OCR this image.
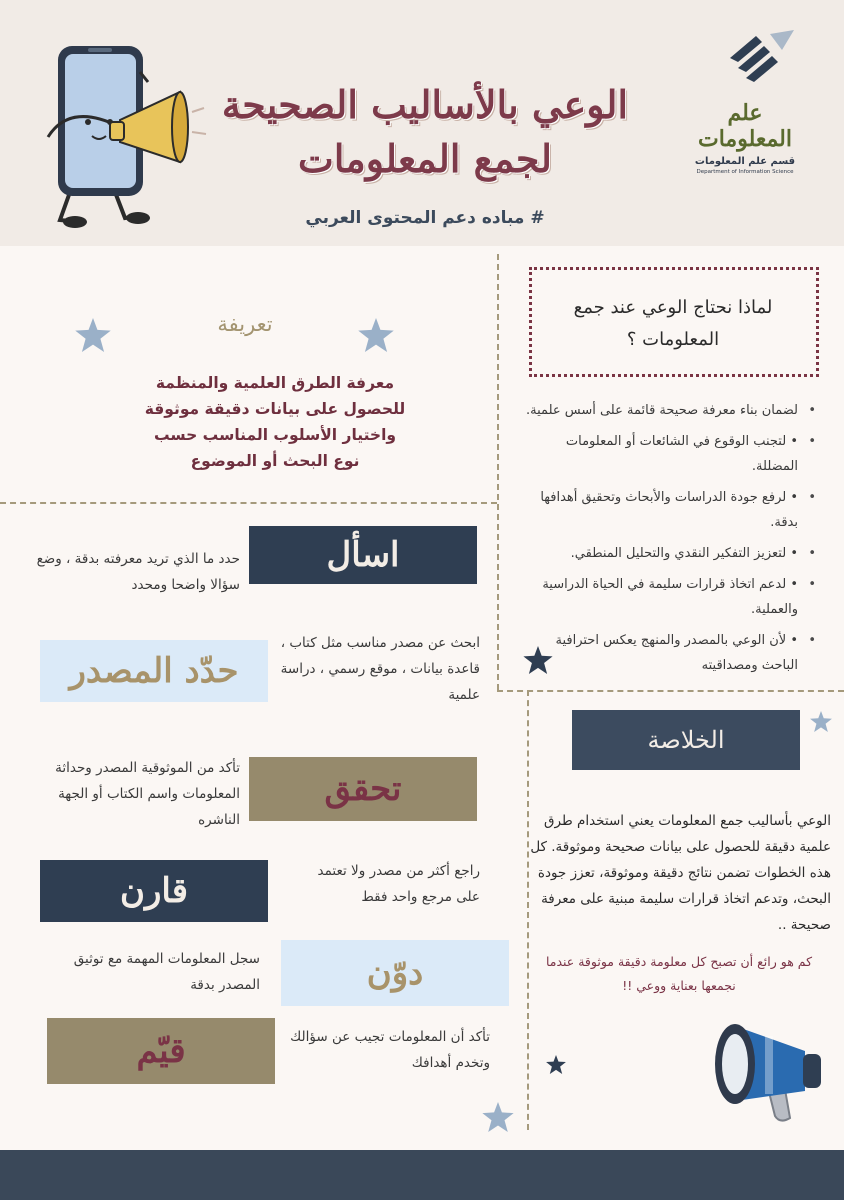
الوعي بالأساليب الصحيحة
لجمع المعلومات
# مباده دعم المحتوى العربي
علم المعلومات
قسم علم المعلومات
Department of Information Science
تعريفة
معرفة الطرق العلمية والمنظمة للحصول على بيانات دقيقة موثوقة واختيار الأسلوب المناسب حسب نوع البحث أو الموضوع
لماذا نحتاج الوعي عند جمع المعلومات ؟
• لضمان بناء معرفة صحيحة قائمة على أسس علمية.
• • لتجنب الوقوع في الشائعات أو المعلومات المضللة.
• • لرفع جودة الدراسات والأبحاث وتحقيق أهدافها بدقة.
• • لتعزيز التفكير النقدي والتحليل المنطقي.
• • لدعم اتخاذ قرارات سليمة في الحياة الدراسية والعملية.
• • لأن الوعي بالمصدر والمنهج يعكس احترافية الباحث ومصداقيته
اسأل
حدد ما الذي تريد معرفته بدقة ، وضع سؤالا واضحا ومحدد
حدّد المصدر
ابحث عن مصدر مناسب مثل كتاب ، قاعدة بيانات ، موقع رسمي ، دراسة علمية
تحقق
تأكد من الموثوقية المصدر وحداثة المعلومات واسم الكتاب أو الجهة الناشره
قارن	راجع أكثر من مصدر ولا تعتمد على مرجع واحد فقط
دوّن
سجل المعلومات المهمة مع توثيق المصدر بدقة
قيّم	تأكد أن المعلومات تجيب عن سؤالك وتخدم أهدافك
الخلاصة
الوعي بأساليب جمع المعلومات يعني استخدام طرق علمية دقيقة للحصول على بيانات صحيحة وموثوقة. كل هذه الخطوات تضمن نتائج دقيقة وموثوقة، تعزز جودة البحث، وتدعم اتخاذ قرارات سليمة مبنية على معرفة صحيحة ..
كم هو رائع أن تصبح كل معلومة دقيقة موثوقة عندما نجمعها بعناية ووعي !!
